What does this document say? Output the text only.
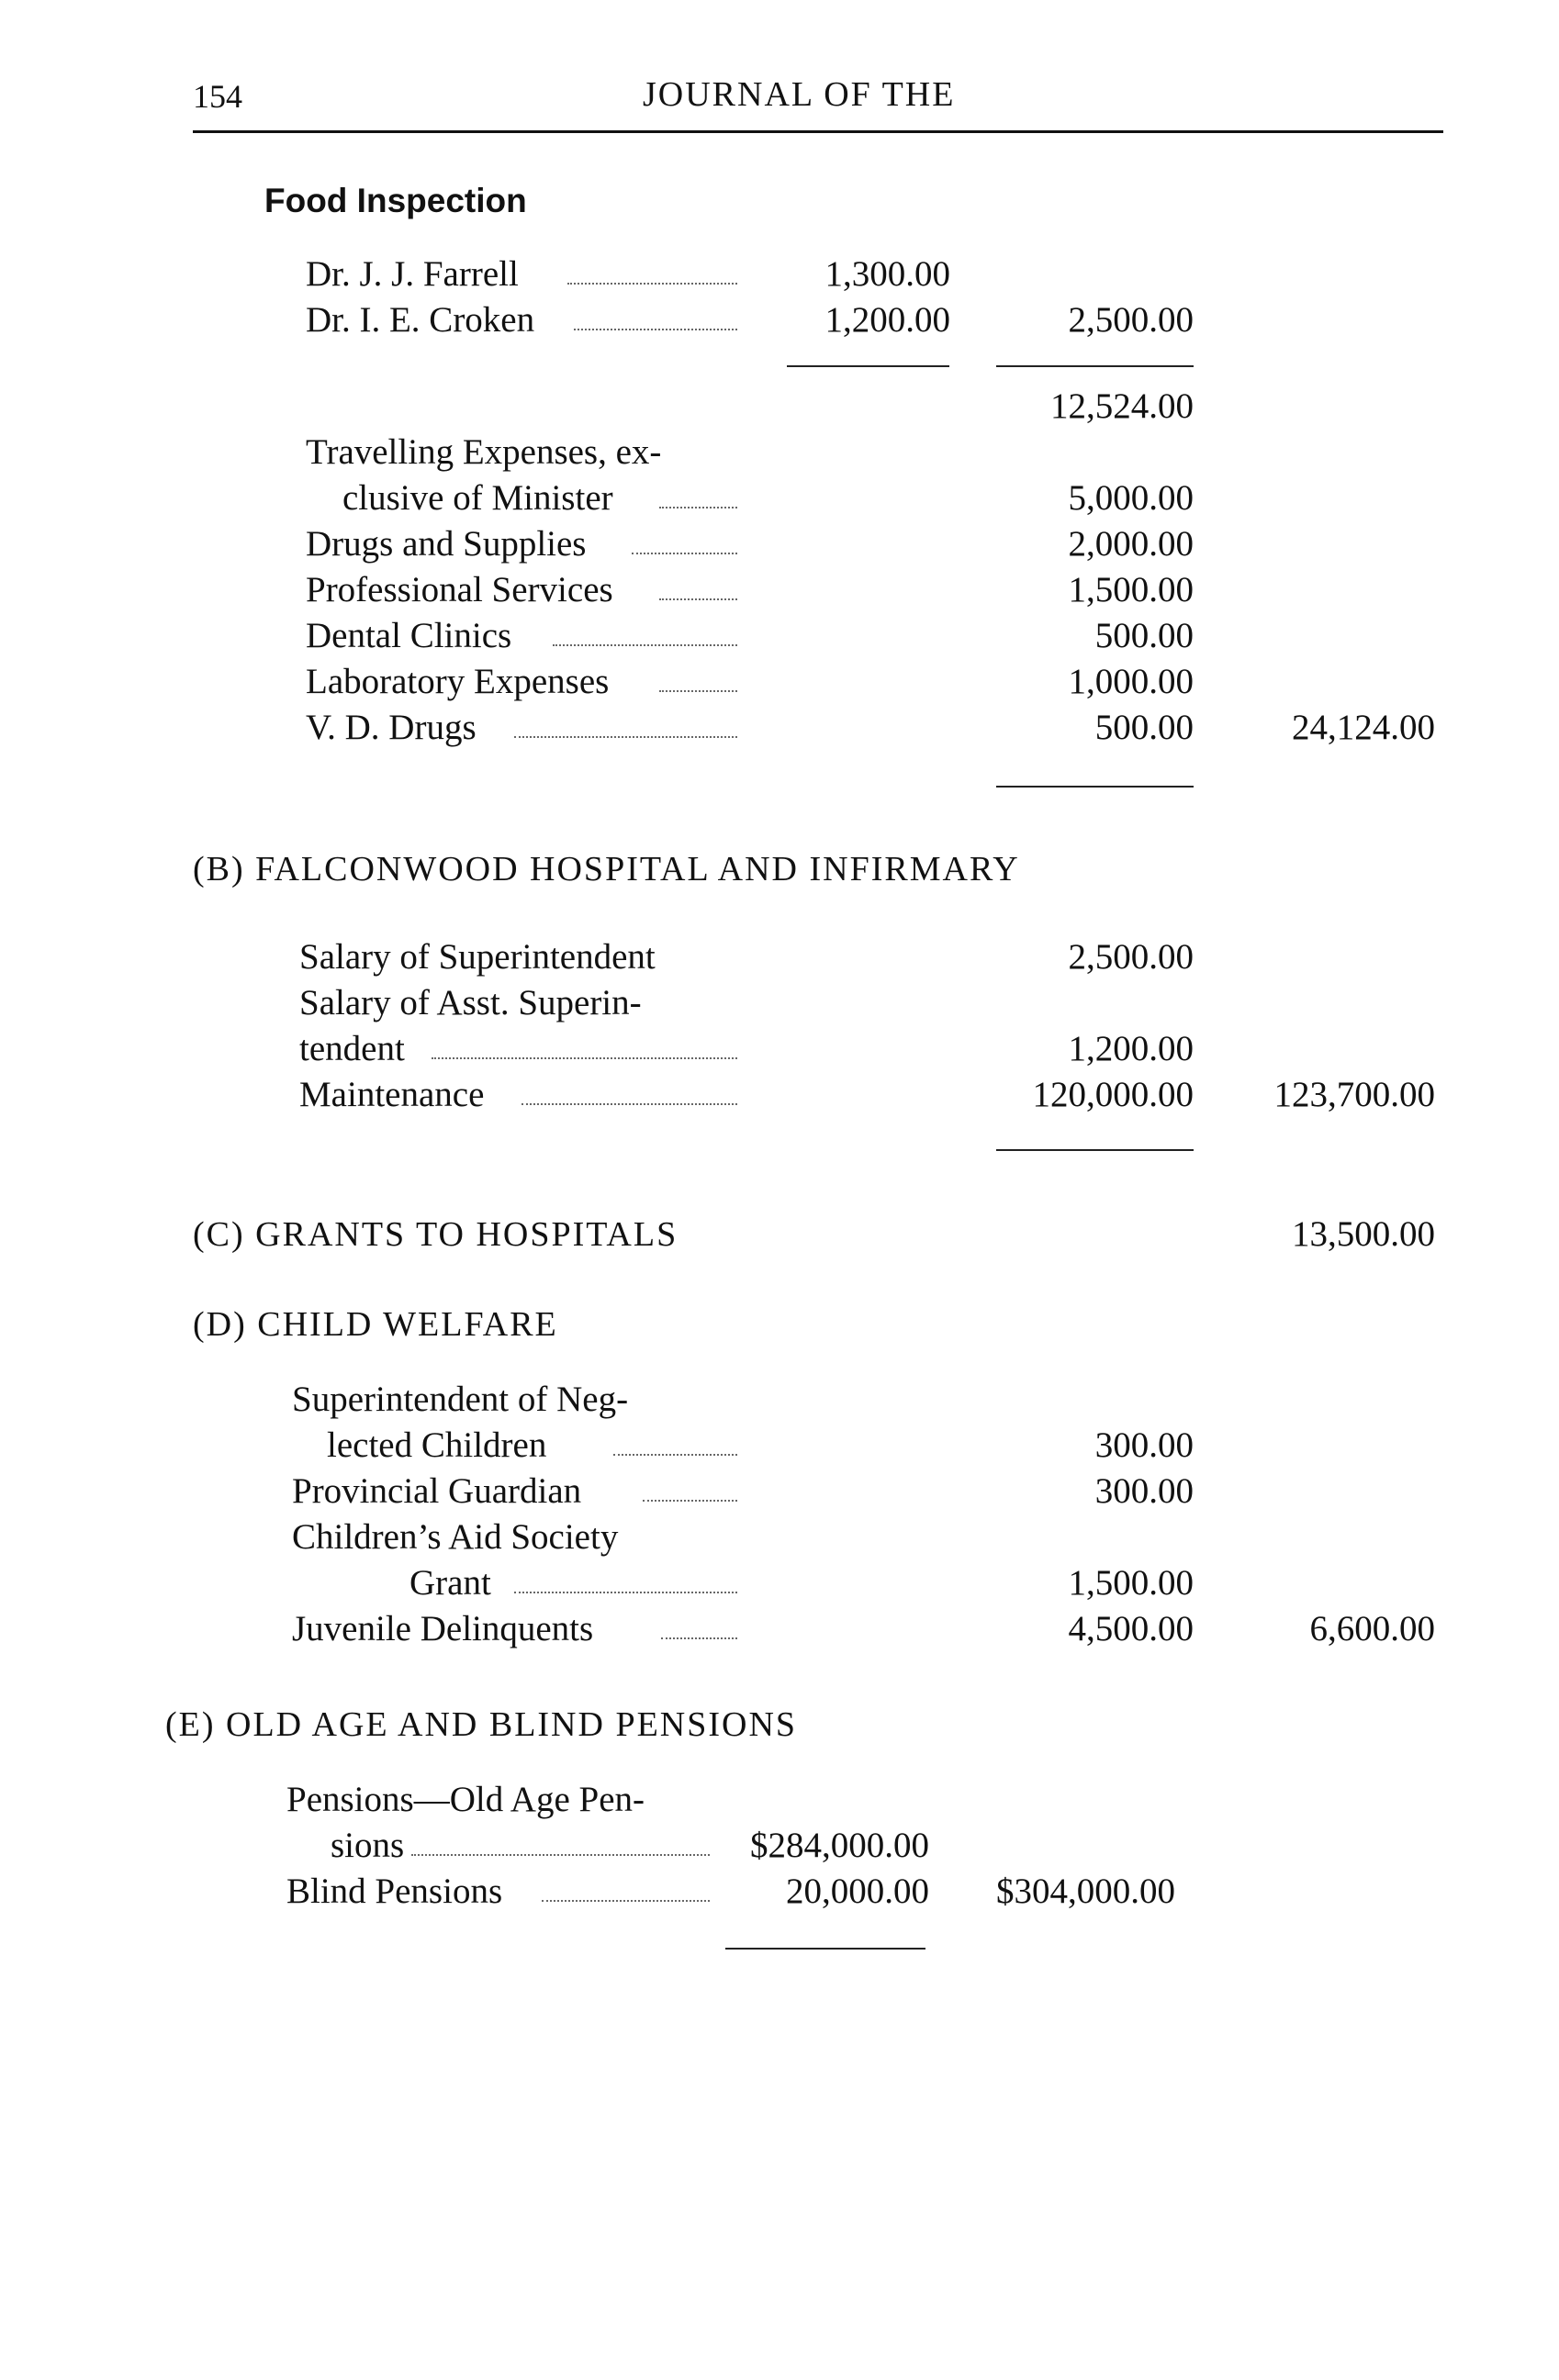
154	JOURNAL OF THE
Food Inspection
Dr. J. J. Farrell	1,300.00
Dr. I. E. Croken	1,200.00	2,500.00
12,524.00
Travelling Expenses, ex-
clusive of Minister	5,000.00
Drugs and Supplies	2,000.00
Professional Services	1,500.00
Dental Clinics	500.00
Laboratory Expenses	1,000.00
V. D. Drugs	500.00	24,124.00
(B) FALCONWOOD HOSPITAL AND INFIRMARY
Salary of Superintendent	2,500.00
Salary of Asst. Superin-
tendent	1,200.00
Maintenance	120,000.00	123,700.00
(C) GRANTS TO HOSPITALS	13,500.00
(D) CHILD WELFARE
Superintendent of Neg-
lected Children	300.00
Provincial Guardian	300.00
Children’s Aid Society
Grant	1,500.00
Juvenile Delinquents	4,500.00	6,600.00
(E) OLD AGE AND BLIND PENSIONS
Pensions—Old Age Pen-
sions	$284,000.00
Blind Pensions	20,000.00	$304,000.00
